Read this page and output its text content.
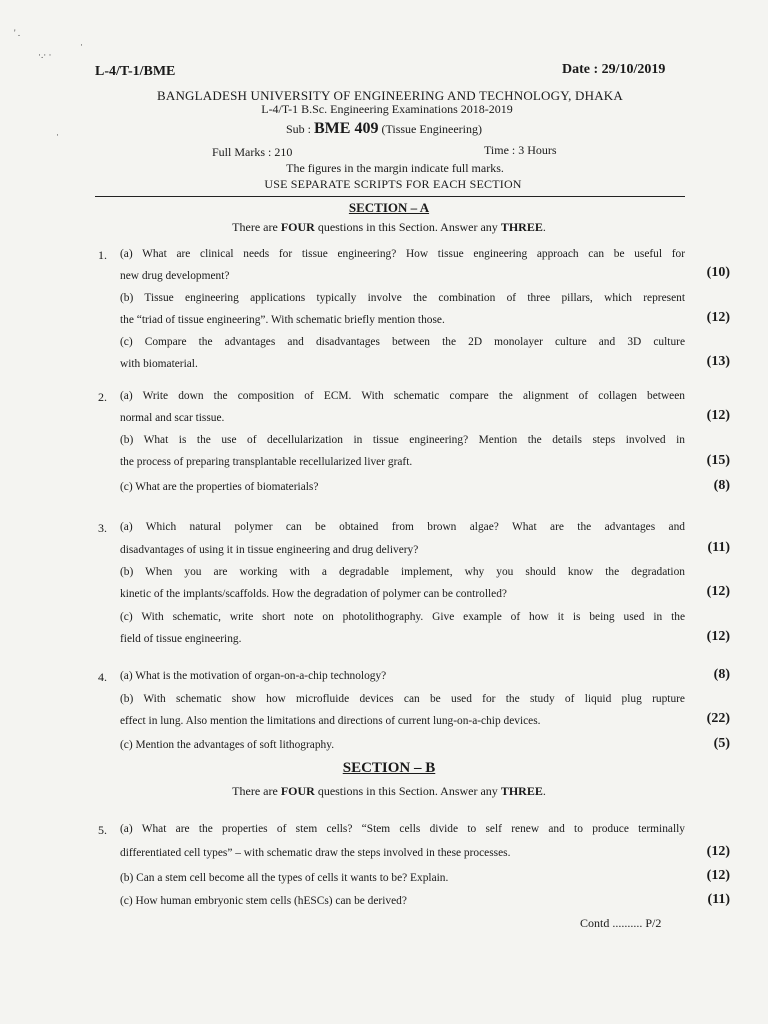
' .
·.· ·
·
·
L-4/T-1/BME	Date : 29/10/2019
BANGLADESH UNIVERSITY OF ENGINEERING AND TECHNOLOGY, DHAKA
L-4/T-1 B.Sc. Engineering Examinations 2018-2019
Sub : BME 409 (Tissue Engineering)
Full Marks : 210	Time : 3 Hours
The figures in the margin indicate full marks.
USE SEPARATE SCRIPTS FOR EACH SECTION
SECTION – A
There are FOUR questions in this Section. Answer any THREE.
SECTION – B
There are FOUR questions in this Section. Answer any THREE.
1. (a) What are clinical needs for tissue engineering? How tissue engineering approach can be useful for
new drug development?	(10)
(b) Tissue engineering applications typically involve the combination of three pillars, which represent
the “triad of tissue engineering”. With schematic briefly mention those.	(12)
(c) Compare the advantages and disadvantages between the 2D monolayer culture and 3D culture
with biomaterial.	(13)
2. (a) Write down the composition of ECM. With schematic compare the alignment of collagen between
normal and scar tissue.	(12)
(b) What is the use of decellularization in tissue engineering? Mention the details steps involved in
the process of preparing transplantable recellularized liver graft.	(15)
(c) What are the properties of biomaterials?	(8)
3. (a) Which natural polymer can be obtained from brown algae? What are the advantages and
disadvantages of using it in tissue engineering and drug delivery?	(11)
(b) When you are working with a degradable implement, why you should know the degradation
kinetic of the implants/scaffolds. How the degradation of polymer can be controlled?	(12)
(c) With schematic, write short note on photolithography. Give example of how it is being used in the
field of tissue engineering.	(12)
4. (a) What is the motivation of organ-on-a-chip technology?	(8)
(b) With schematic show how microfluide devices can be used for the study of liquid plug rupture
effect in lung. Also mention the limitations and directions of current lung-on-a-chip devices.	(22)
(c) Mention the advantages of soft lithography.	(5)
5. (a) What are the properties of stem cells? “Stem cells divide to self renew and to produce terminally
differentiated cell types” – with schematic draw the steps involved in these processes.	(12)
(b) Can a stem cell become all the types of cells it wants to be? Explain.	(12)
(c) How human embryonic stem cells (hESCs) can be derived?	(11)
Contd .......... P/2
